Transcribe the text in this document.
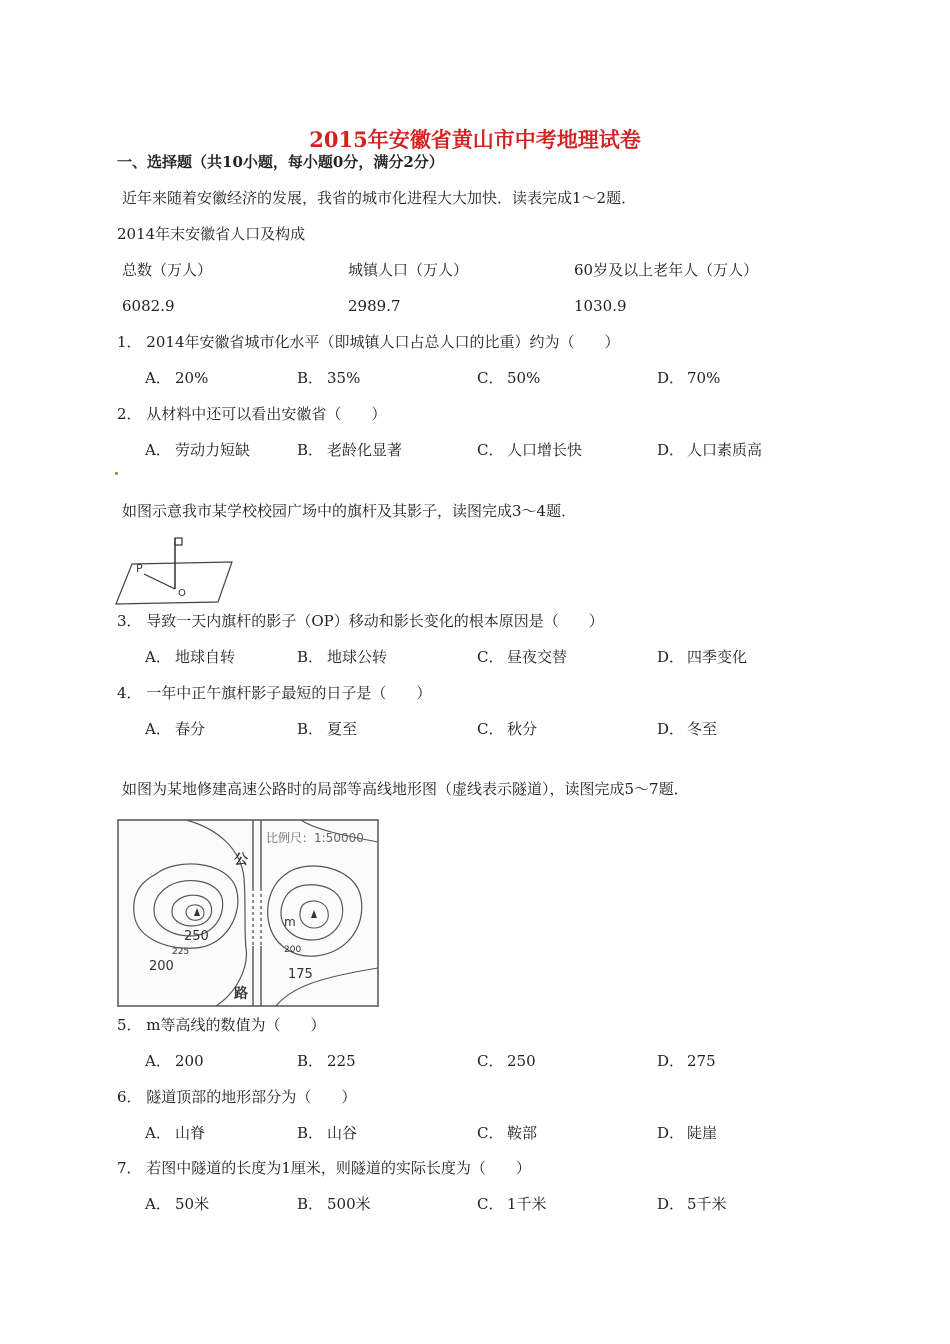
2015年安徽省黄山市中考地理试卷
一、选择题（共10小题，每小题0分，满分2分）
近年来随着安徽经济的发展，我省的城市化进程大大加快．读表完成1～2题．
2014年末安徽省人口及构成
总数（万人）	城镇人口（万人）	60岁及以上老年人（万人）
6082.9	2989.7	1030.9
1． 2014年安徽省城市化水平（即城镇人口占总人口的比重）约为（　　）
A． 20%	B． 35%	C． 50%	D． 70%
2． 从材料中还可以看出安徽省（　　）
A． 劳动力短缺	B． 老龄化显著	C． 人口增长快	D． 人口素质高
如图示意我市某学校校园广场中的旗杆及其影子，读图完成3～4题．
P
O
3． 导致一天内旗杆的影子（OP）移动和影长变化的根本原因是（　　）
A． 地球自转	B． 地球公转	C． 昼夜交替	D． 四季变化
4． 一年中正午旗杆影子最短的日子是（　　）
A． 春分	B． 夏至	C． 秋分	D． 冬至
如图为某地修建高速公路时的局部等高线地形图（虚线表示隧道），读图完成5～7题．
比例尺：1:50000
公
路
250
225
200
m
200
175
5． m等高线的数值为（　　）
A． 200	B． 225	C． 250	D． 275
6． 隧道顶部的地形部分为（　　）
A． 山脊	B． 山谷	C． 鞍部	D． 陡崖
7． 若图中隧道的长度为1厘米，则隧道的实际长度为（　　）
A． 50米	B． 500米	C． 1千米	D． 5千米
